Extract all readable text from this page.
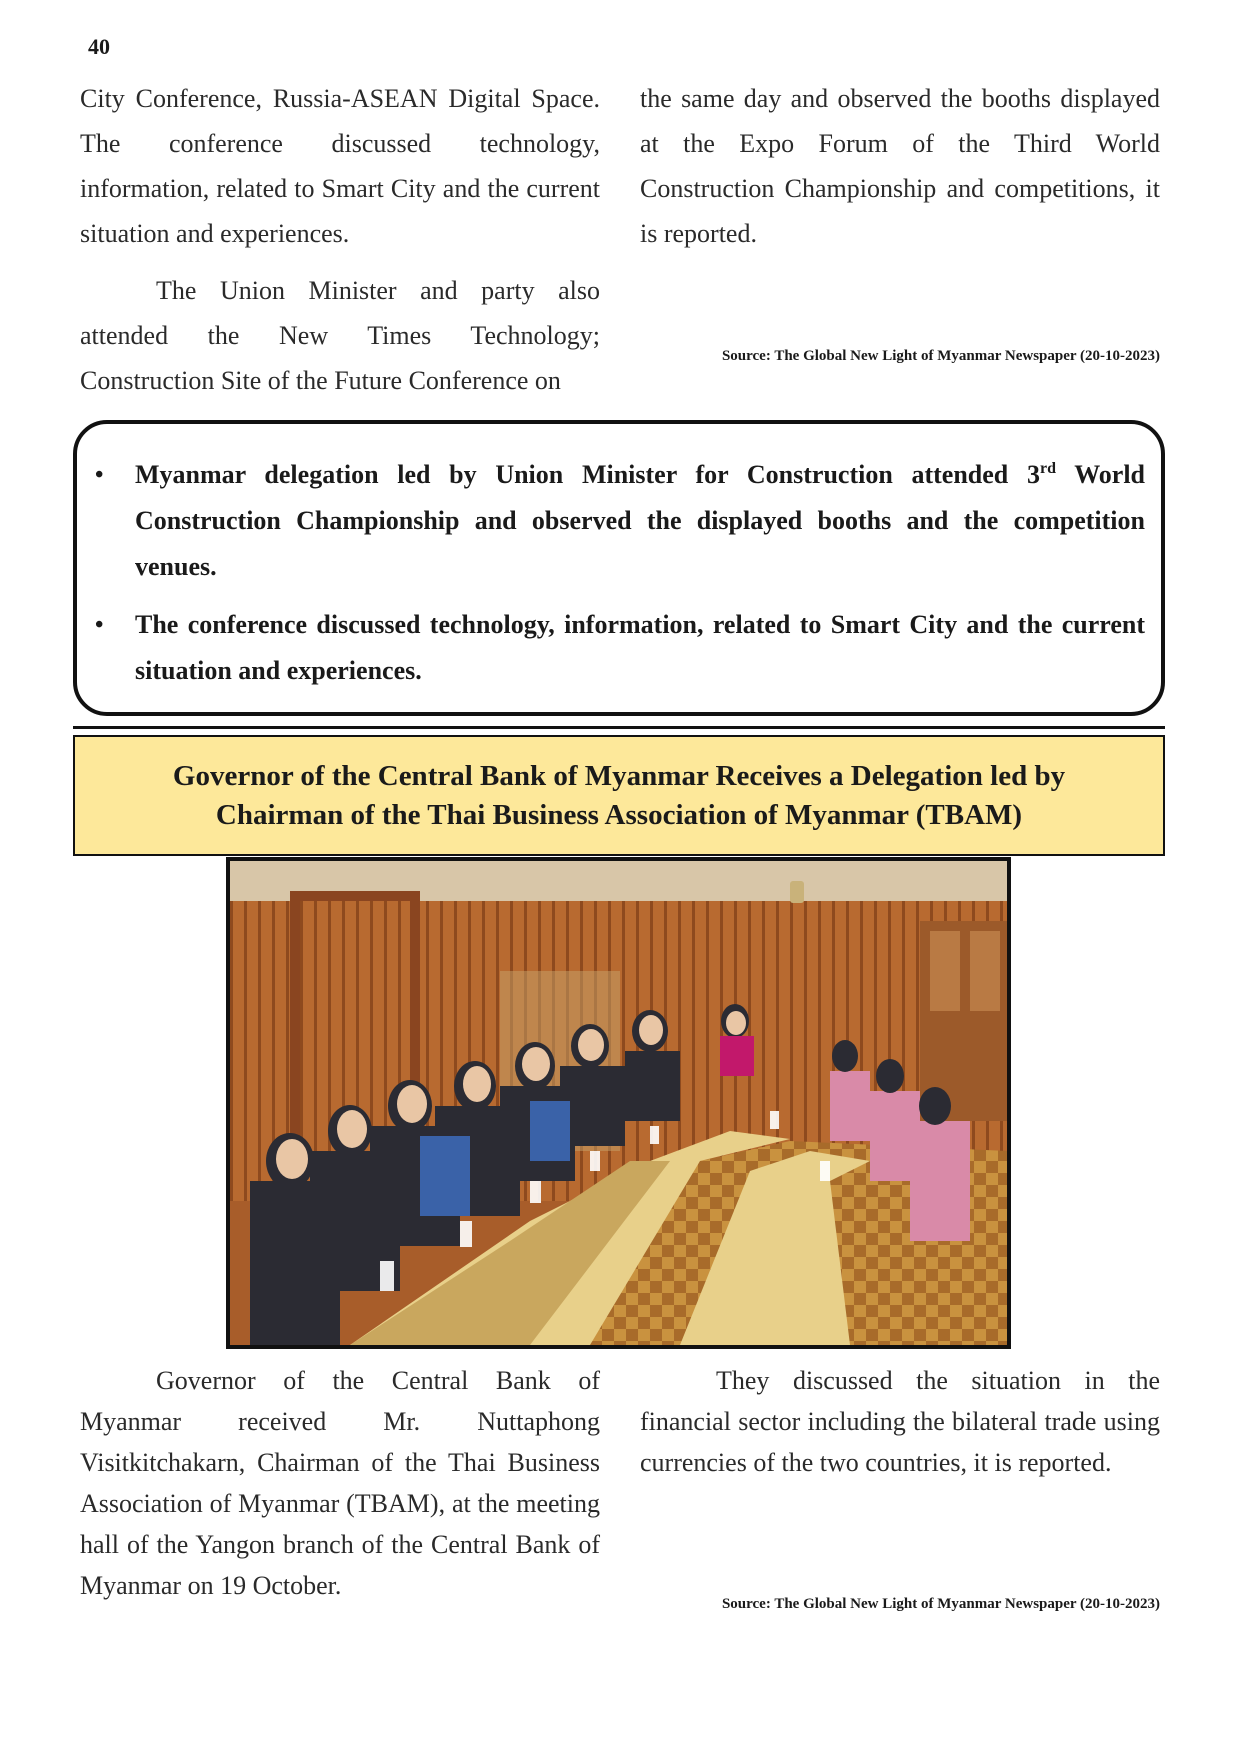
40

City Conference, Russia-ASEAN Digital Space. The conference discussed technology, information, related to Smart City and the current situation and experiences.

The Union Minister and party also attended the New Times Technology; Construction Site of the Future Conference on

the same day and observed the booths displayed at the Expo Forum of the Third World Construction Championship and competitions, it is reported.

Source: The Global New Light of Myanmar Newspaper (20-10-2023)
• Myanmar delegation led by Union Minister for Construction attended 3rd World Construction Championship and observed the displayed booths and the competition venues.
• The conference discussed technology, information, related to Smart City and the current situation and experiences.
Governor of the Central Bank of Myanmar Receives a Delegation led by
Chairman of the Thai Business Association of Myanmar (TBAM)

Governor of the Central Bank of Myanmar received Mr. Nuttaphong Visitkitchakarn, Chairman of the Thai Business Association of Myanmar (TBAM), at the meeting hall of the Yangon branch of the Central Bank of Myanmar on 19 October.

They discussed the situation in the financial sector including the bilateral trade using currencies of the two countries, it is reported.

Source: The Global New Light of Myanmar Newspaper (20-10-2023)
